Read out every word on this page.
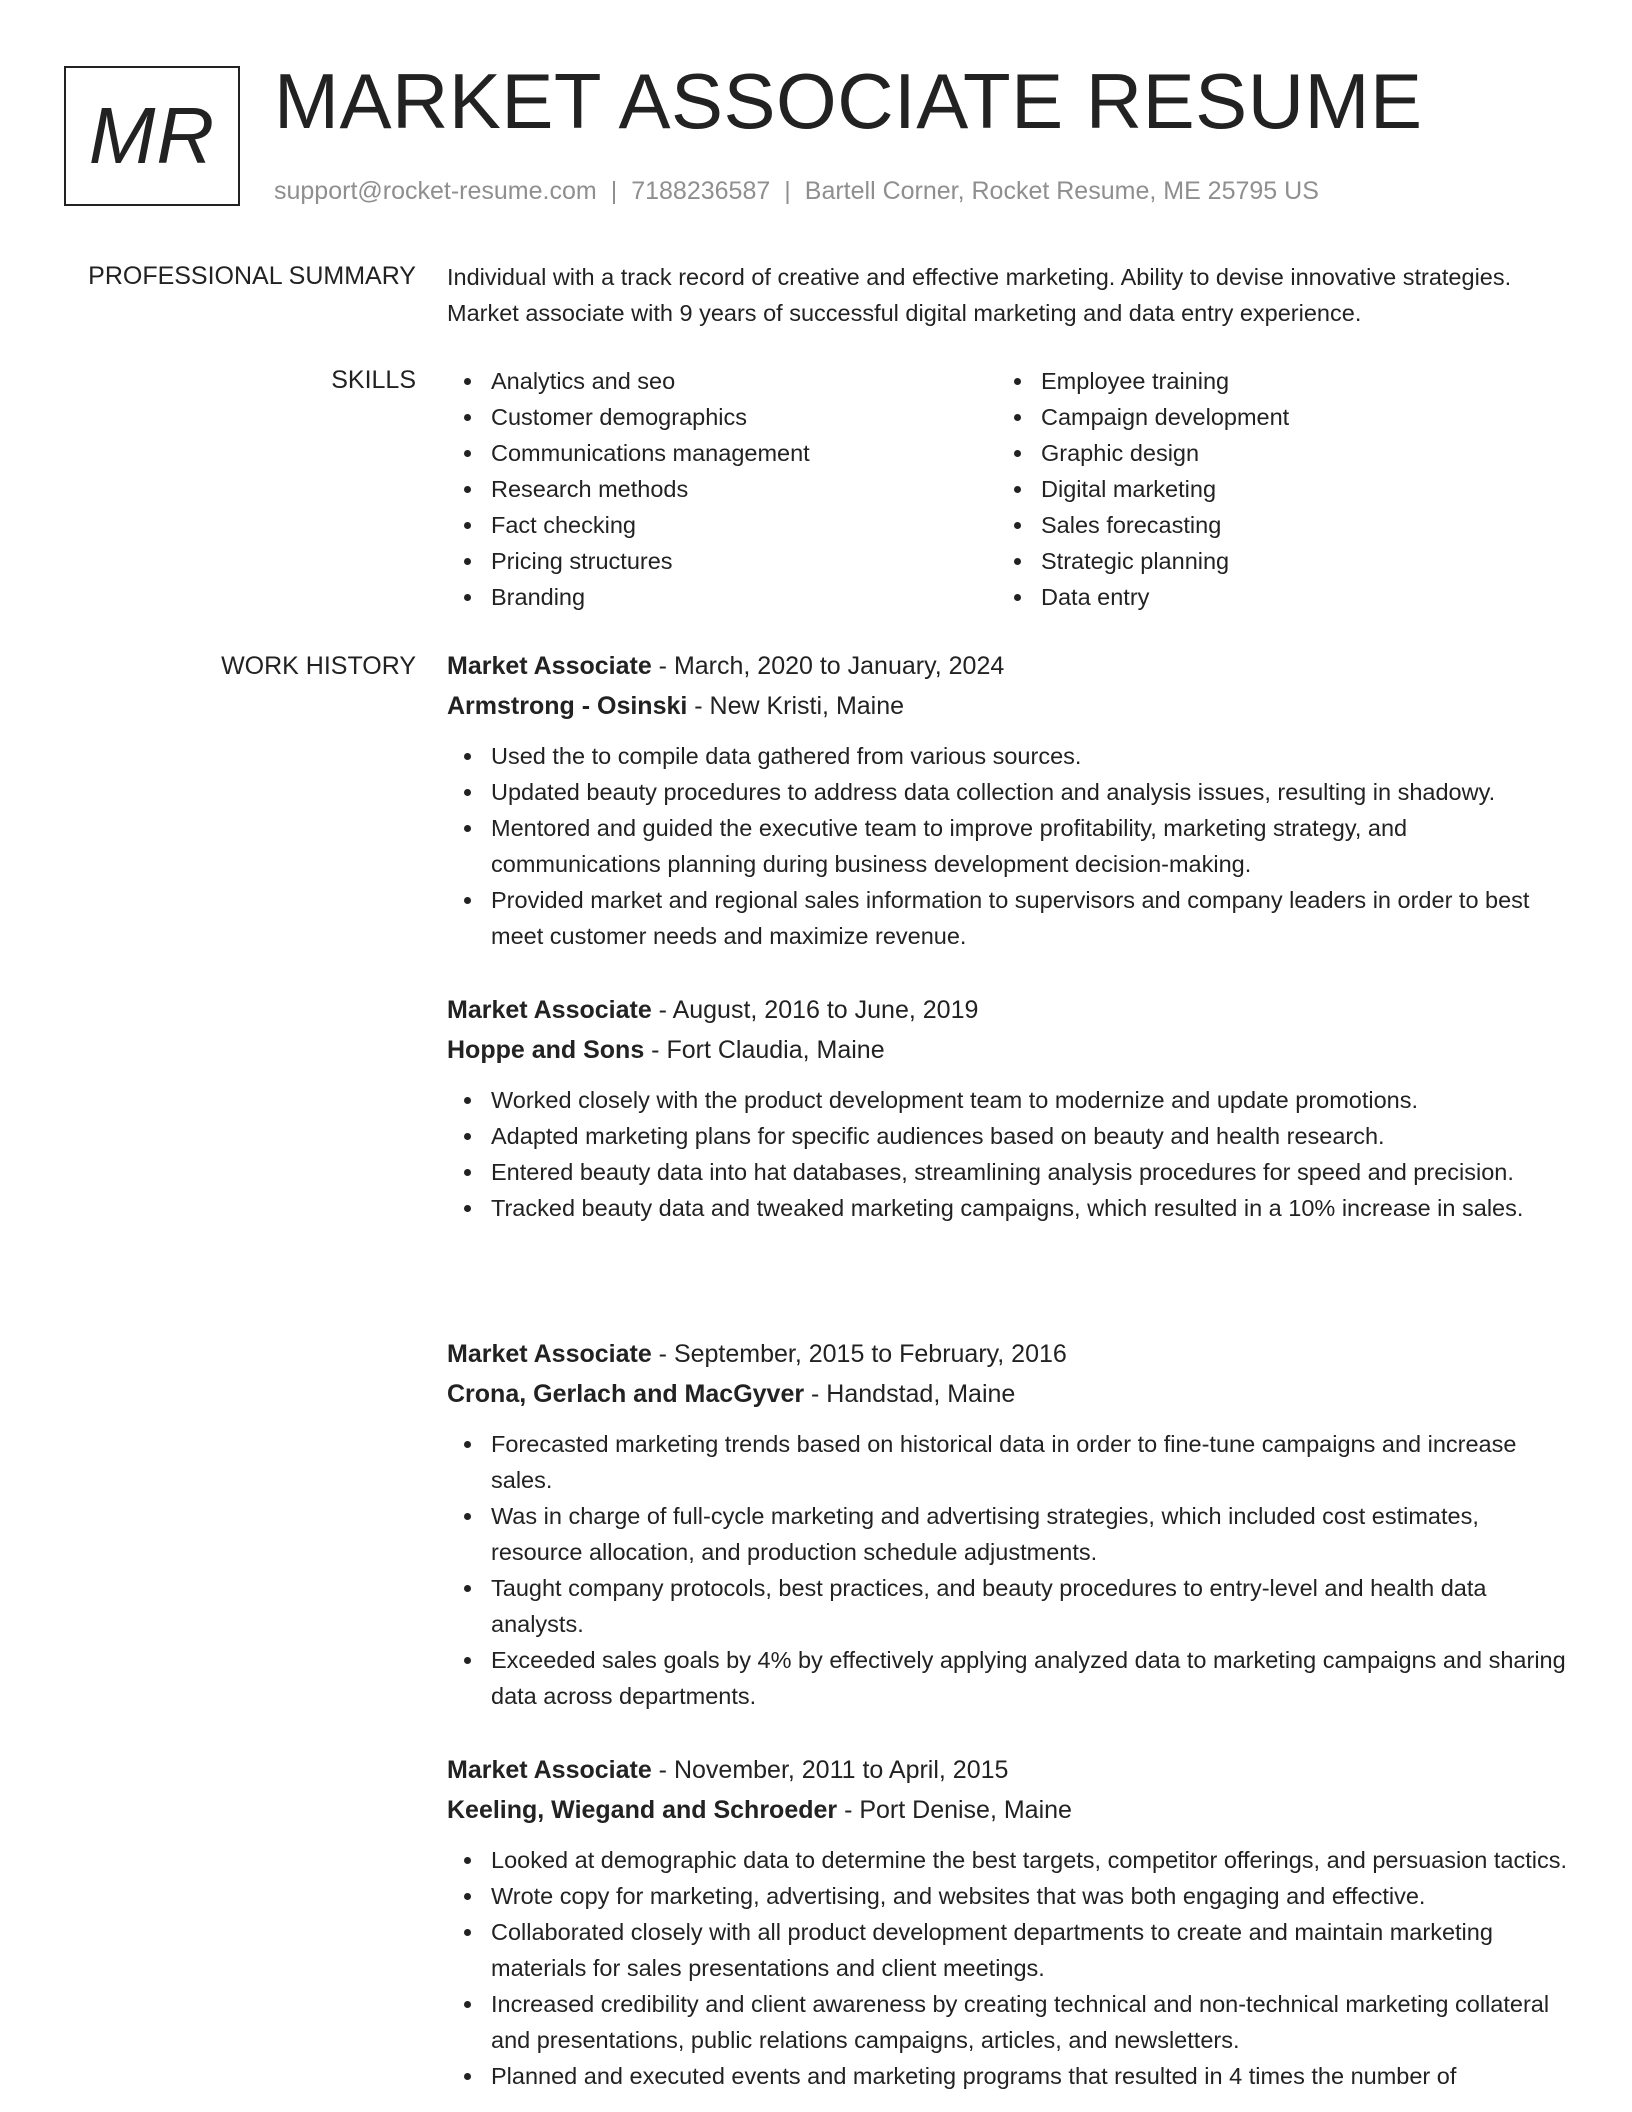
MR MARKET ASSOCIATE RESUME
support@rocket-resume.com | 7188236587 | Bartell Corner, Rocket Resume, ME 25795 US
PROFESSIONAL SUMMARY Individual with a track record of creative and effective marketing. Ability to devise innovative strategies. Market associate with 9 years of successful digital marketing and data entry experience.

SKILLS	Analytics and seo
Customer demographics
Communications management
Research methods
Fact checking
Pricing structures
Branding
Employee training
Campaign development
Graphic design
Digital marketing
Sales forecasting
Strategic planning
Data entry
WORK HISTORY Market Associate - March, 2020 to January, 2024
Armstrong - Osinski - New Kristi, Maine
Used the to compile data gathered from various sources.
Updated beauty procedures to address data collection and analysis issues, resulting in shadowy.
Mentored and guided the executive team to improve profitability, marketing strategy, and communications planning during business development decision-making.
Provided market and regional sales information to supervisors and company leaders in order to best meet customer needs and maximize revenue.
Market Associate - August, 2016 to June, 2019
Hoppe and Sons - Fort Claudia, Maine
Worked closely with the product development team to modernize and update promotions.
Adapted marketing plans for specific audiences based on beauty and health research.
Entered beauty data into hat databases, streamlining analysis procedures for speed and precision.
Tracked beauty data and tweaked marketing campaigns, which resulted in a 10% increase in sales.
Market Associate - September, 2015 to February, 2016
Crona, Gerlach and MacGyver - Handstad, Maine
Forecasted marketing trends based on historical data in order to fine-tune campaigns and increase sales.
Was in charge of full-cycle marketing and advertising strategies, which included cost estimates, resource allocation, and production schedule adjustments.
Taught company protocols, best practices, and beauty procedures to entry-level and health data analysts.
Exceeded sales goals by 4% by effectively applying analyzed data to marketing campaigns and sharing data across departments.
Market Associate - November, 2011 to April, 2015
Keeling, Wiegand and Schroeder - Port Denise, Maine
Looked at demographic data to determine the best targets, competitor offerings, and persuasion tactics.
Wrote copy for marketing, advertising, and websites that was both engaging and effective.
Collaborated closely with all product development departments to create and maintain marketing materials for sales presentations and client meetings.
Increased credibility and client awareness by creating technical and non-technical marketing collateral and presentations, public relations campaigns, articles, and newsletters.
Planned and executed events and marketing programs that resulted in 4 times the number of
